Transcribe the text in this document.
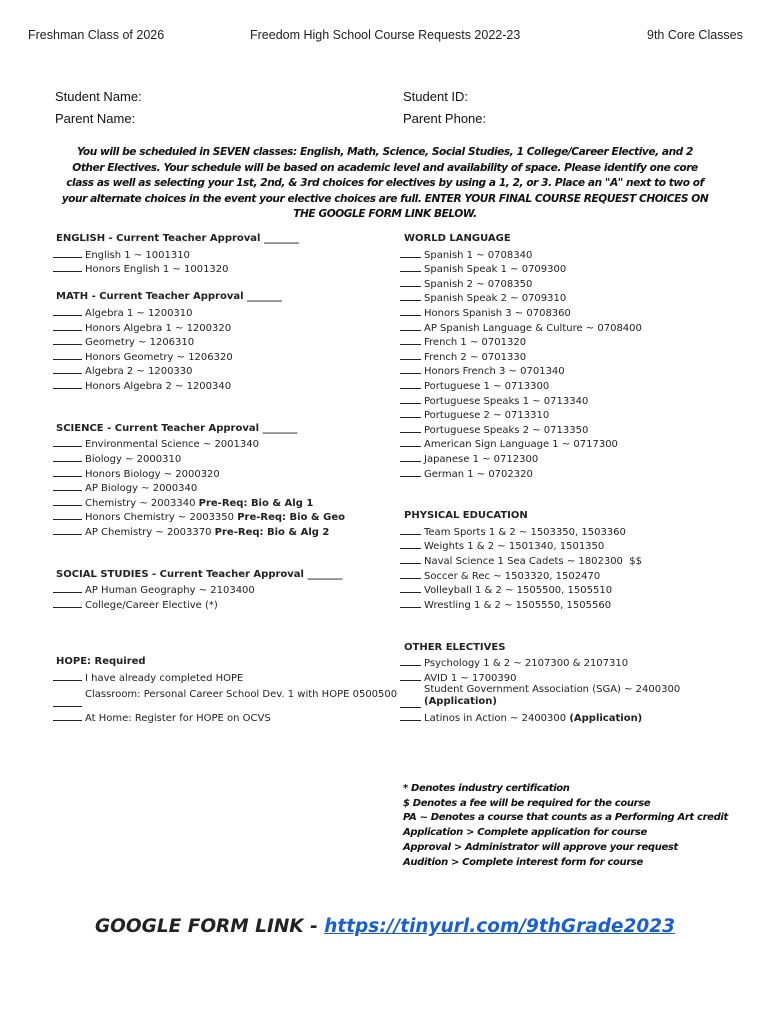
Freshman Class of 2026	Freedom High School Course Requests 2022-23	9th Core Classes
Student Name:	Student ID:
Parent Name:	Parent Phone:
You will be scheduled in SEVEN classes: English, Math, Science, Social Studies, 1 College/Career Elective, and 2 Other Electives. Your schedule will be based on academic level and availability of space. Please identify one core class as well as selecting your 1st, 2nd, & 3rd choices for electives by using a 1, 2, or 3. Place an "A" next to two of your alternate choices in the event your elective choices are full. ENTER YOUR FINAL COURSE REQUEST CHOICES ON THE GOOGLE FORM LINK BELOW.
ENGLISH - Current Teacher Approval _______
English 1 ~ 1001310
Honors English 1 ~ 1001320
MATH - Current Teacher Approval _______
Algebra 1 ~ 1200310
Honors Algebra 1 ~ 1200320
Geometry ~ 1206310
Honors Geometry ~ 1206320
Algebra 2 ~ 1200330
Honors Algebra 2 ~ 1200340
SCIENCE - Current Teacher Approval _______
Environmental Science ~ 2001340
Biology ~ 2000310
Honors Biology ~ 2000320
AP Biology ~ 2000340
Chemistry ~ 2003340 Pre-Req: Bio & Alg 1
Honors Chemistry ~ 2003350 Pre-Req: Bio & Geo
AP Chemistry ~ 2003370 Pre-Req: Bio & Alg 2
SOCIAL STUDIES - Current Teacher Approval _______
AP Human Geography ~ 2103400
College/Career Elective (*)
HOPE: Required
I have already completed HOPE
Classroom: Personal Career School Dev. 1 with HOPE 0500500
At Home: Register for HOPE on OCVS
WORLD LANGUAGE
Spanish 1 ~ 0708340
Spanish Speak 1 ~ 0709300
Spanish 2 ~ 0708350
Spanish Speak 2 ~ 0709310
Honors Spanish 3 ~ 0708360
AP Spanish Language & Culture ~ 0708400
French 1 ~ 0701320
French 2 ~ 0701330
Honors French 3 ~ 0701340
Portuguese 1 ~ 0713300
Portuguese Speaks 1 ~ 0713340
Portuguese 2 ~ 0713310
Portuguese Speaks 2 ~ 0713350
American Sign Language 1 ~ 0717300
Japanese 1 ~ 0712300
German 1 ~ 0702320
PHYSICAL EDUCATION
Team Sports 1 & 2 ~ 1503350, 1503360
Weights 1 & 2 ~ 1501340, 1501350
Naval Science 1 Sea Cadets ~ 1802300  $$
Soccer & Rec ~ 1503320, 1502470
Volleyball 1 & 2 ~ 1505500, 1505510
Wrestling 1 & 2 ~ 1505550, 1505560
OTHER ELECTIVES
Psychology 1 & 2 ~ 2107300 & 2107310
AVID 1 ~ 1700390
Student Government Association (SGA) ~ 2400300
(Application)
Latinos in Action ~ 2400300 (Application)
* Denotes industry certification
$ Denotes a fee will be required for the course
PA ~ Denotes a course that counts as a Performing Art credit
Application > Complete application for course
Approval > Administrator will approve your request
Audition > Complete interest form for course
GOOGLE FORM LINK - https://tinyurl.com/9thGrade2023
